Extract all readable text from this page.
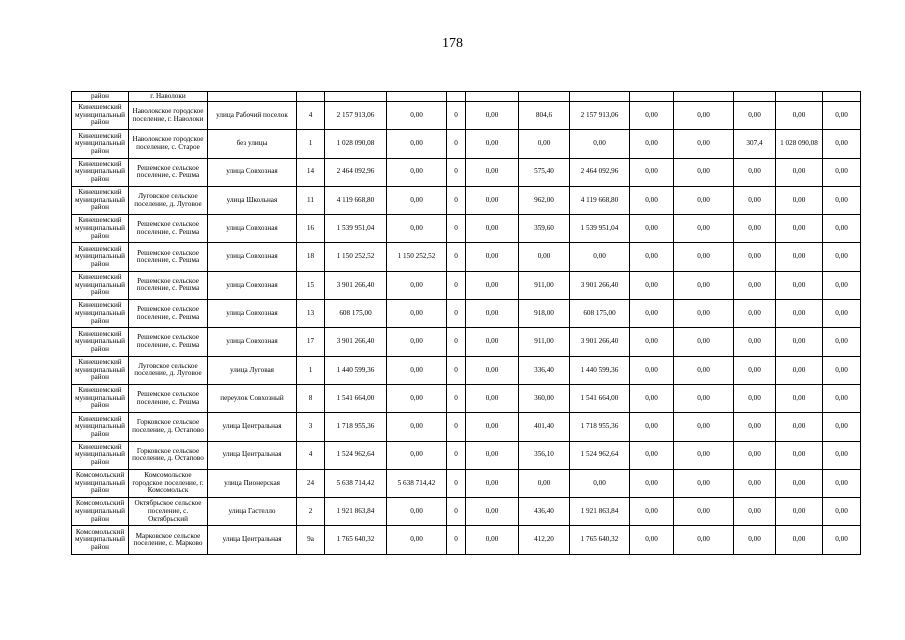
178
район	г. Наволоки													
Кинешемский муниципальный район	Наволокское городское поселение, г. Наволоки	улица Рабочий поселок	4	2 157 913,06	0,00	0	0,00	804,6	2 157 913,06	0,00	0,00	0,00	0,00	0,00
Кинешемский муниципальный район	Наволокское городское поселение, с. Старое	без улицы	1	1 028 090,08	0,00	0	0,00	0,00	0,00	0,00	0,00	307,4	1 028 090,08	0,00
Кинешемский муниципальный район	Решемское сельское поселение, с. Решма	улица Совхозная	14	2 464 092,96	0,00	0	0,00	575,40	2 464 092,96	0,00	0,00	0,00	0,00	0,00
Кинешемский муниципальный район	Луговское сельское поселение, д. Луговое	улица Школьная	11	4 119 668,80	0,00	0	0,00	962,00	4 119 668,80	0,00	0,00	0,00	0,00	0,00
Кинешемский муниципальный район	Решемское сельское поселение, с. Решма	улица Совхозная	16	1 539 951,04	0,00	0	0,00	359,60	1 539 951,04	0,00	0,00	0,00	0,00	0,00
Кинешемский муниципальный район	Решемское сельское поселение, с. Решма	улица Совхозная	18	1 150 252,52	1 150 252,52	0	0,00	0,00	0,00	0,00	0,00	0,00	0,00	0,00
Кинешемский муниципальный район	Решемское сельское поселение, с. Решма	улица Совхозная	15	3 901 266,40	0,00	0	0,00	911,00	3 901 266,40	0,00	0,00	0,00	0,00	0,00
Кинешемский муниципальный район	Решемское сельское поселение, с. Решма	улица Совхозная	13	608 175,00	0,00	0	0,00	918,00	608 175,00	0,00	0,00	0,00	0,00	0,00
Кинешемский муниципальный район	Решемское сельское поселение, с. Решма	улица Совхозная	17	3 901 266,40	0,00	0	0,00	911,00	3 901 266,40	0,00	0,00	0,00	0,00	0,00
Кинешемский муниципальный район	Луговское сельское поселение, д. Луговое	улица Луговая	1	1 440 599,36	0,00	0	0,00	336,40	1 440 599,36	0,00	0,00	0,00	0,00	0,00
Кинешемский муниципальный район	Решемское сельское поселение, с. Решма	переулок Совхозный	8	1 541 664,00	0,00	0	0,00	360,00	1 541 664,00	0,00	0,00	0,00	0,00	0,00
Кинешемский муниципальный район	Горковское сельское поселение, д. Остапово	улица Центральная	3	1 718 955,36	0,00	0	0,00	401,40	1 718 955,36	0,00	0,00	0,00	0,00	0,00
Кинешемский муниципальный район	Горковское сельское поселение, д. Остапово	улица Центральная	4	1 524 962,64	0,00	0	0,00	356,10	1 524 962,64	0,00	0,00	0,00	0,00	0,00
Комсомольский муниципальный район	Комсомольское городское поселение, г. Комсомольск	улица Пионерская	24	5 638 714,42	5 638 714,42	0	0,00	0,00	0,00	0,00	0,00	0,00	0,00	0,00
Комсомольский муниципальный район	Октябрьское сельское поселение, с. Октябрьский	улица Гастелло	2	1 921 863,84	0,00	0	0,00	436,40	1 921 863,84	0,00	0,00	0,00	0,00	0,00
Комсомольский муниципальный район	Марковское сельское поселение, с. Марково	улица Центральная	9а	1 765 640,32	0,00	0	0,00	412,20	1 765 640,32	0,00	0,00	0,00	0,00	0,00
